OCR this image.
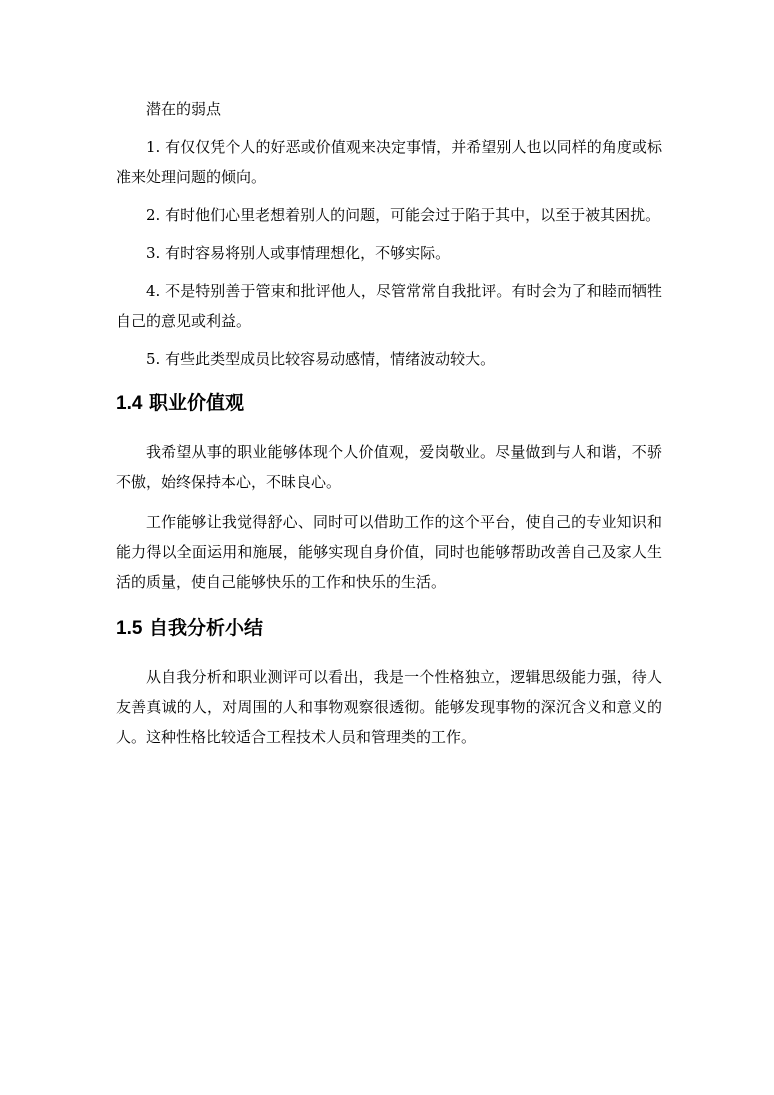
潜在的弱点

1. 有仅仅凭个人的好恶或价值观来决定事情，并希望别人也以同样的角度或标准来处理问题的倾向。

2. 有时他们心里老想着别人的问题，可能会过于陷于其中，以至于被其困扰。

3. 有时容易将别人或事情理想化，不够实际。

4. 不是特别善于管束和批评他人，尽管常常自我批评。有时会为了和睦而牺牲自己的意见或利益。

5. 有些此类型成员比较容易动感情，情绪波动较大。

1.4 职业价值观

我希望从事的职业能够体现个人价值观，爱岗敬业。尽量做到与人和谐，不骄不傲，始终保持本心，不昧良心。

工作能够让我觉得舒心、同时可以借助工作的这个平台，使自己的专业知识和能力得以全面运用和施展，能够实现自身价值，同时也能够帮助改善自己及家人生活的质量，使自己能够快乐的工作和快乐的生活。

1.5 自我分析小结

从自我分析和职业测评可以看出，我是一个性格独立，逻辑思级能力强，待人友善真诚的人，对周围的人和事物观察很透彻。能够发现事物的深沉含义和意义的人。这种性格比较适合工程技术人员和管理类的工作。
